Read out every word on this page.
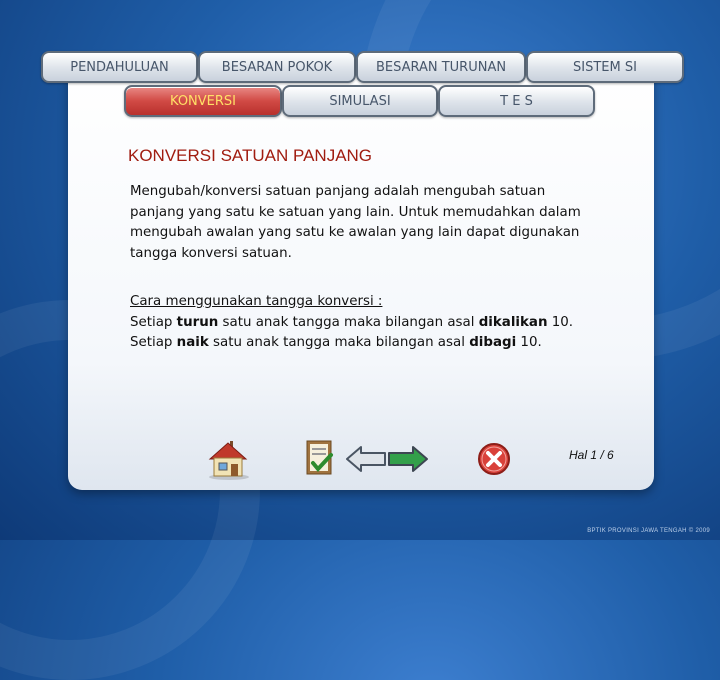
PENDAHULUAN	BESARAN POKOK	BESARAN TURUNAN	SISTEM SI
KONVERSI	SIMULASI	T E S
KONVERSI SATUAN PANJANG

Mengubah/konversi satuan panjang adalah mengubah satuan panjang yang satu ke satuan yang lain. Untuk memudahkan dalam mengubah awalan yang satu ke awalan yang lain dapat digunakan tangga konversi satuan.

Cara menggunakan tangga konversi :

Setiap turun satu anak tangga maka bilangan asal dikalikan 10.

Setiap naik satu anak tangga maka bilangan asal dibagi 10.

Hal 1 / 6
BPTIK PROVINSI JAWA TENGAH © 2009
